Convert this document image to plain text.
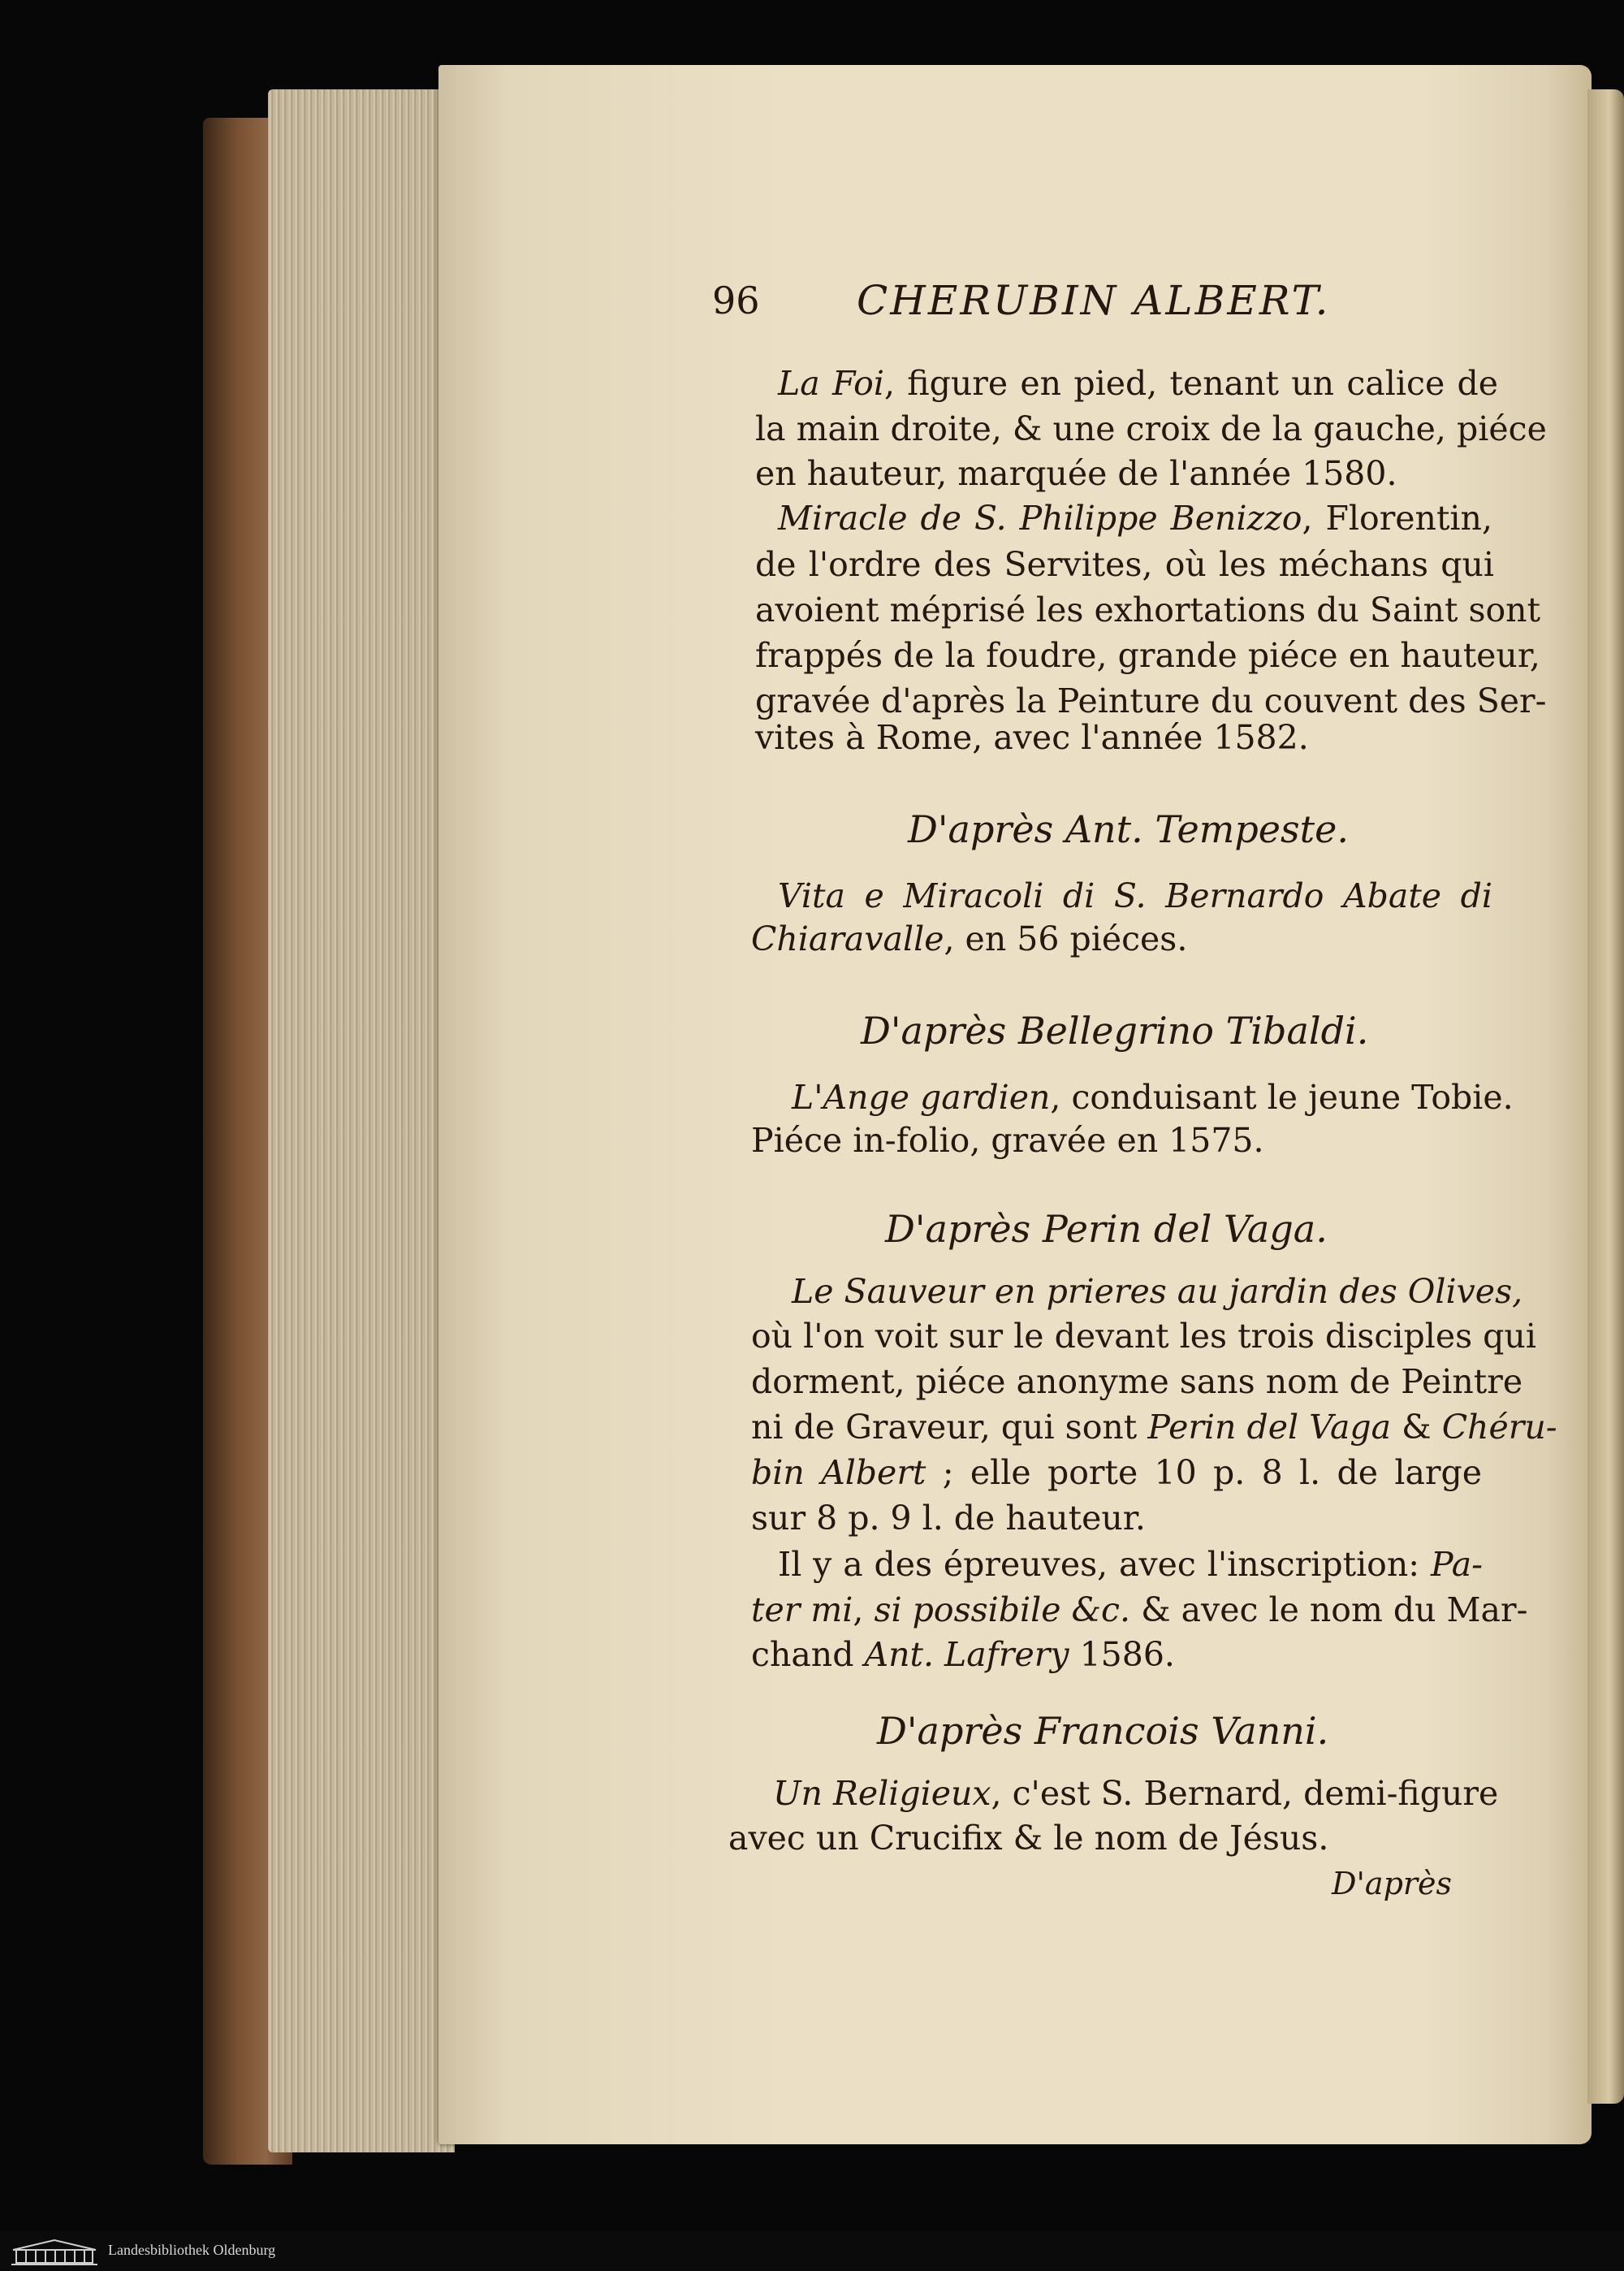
96 CHERUBIN ALBERT.
La Foi, figure en pied, tenant un calice de
la main droite, & une croix de la gauche, piéce
en hauteur, marquée de l'année 1580.
Miracle de S. Philippe Benizzo, Florentin,
de l'ordre des Servites, où les méchans qui
avoient méprisé les exhortations du Saint sont
frappés de la foudre, grande piéce en hauteur,
gravée d'après la Peinture du couvent des Ser-
vites à Rome, avec l'année 1582.
D'après Ant. Tempeste.
Vita e Miracoli di S. Bernardo Abate di
Chiaravalle, en 56 piéces.
D'après Bellegrino Tibaldi.
L'Ange gardien, conduisant le jeune Tobie.
Piéce in-folio, gravée en 1575.
D'après Perin del Vaga.
Le Sauveur en prieres au jardin des Olives,
où l'on voit sur le devant les trois disciples qui
dorment, piéce anonyme sans nom de Peintre
ni de Graveur, qui sont Perin del Vaga & Chéru-
bin Albert ; elle porte 10 p. 8 l. de large
sur 8 p. 9 l. de hauteur.
Il y a des épreuves, avec l'inscription: Pa-
ter mi, si possibile &c. & avec le nom du Mar-
chand Ant. Lafrery 1586.
D'après Francois Vanni.
Un Religieux, c'est S. Bernard, demi-figure
avec un Crucifix & le nom de Jésus.
D'après
Landesbibliothek Oldenburg
